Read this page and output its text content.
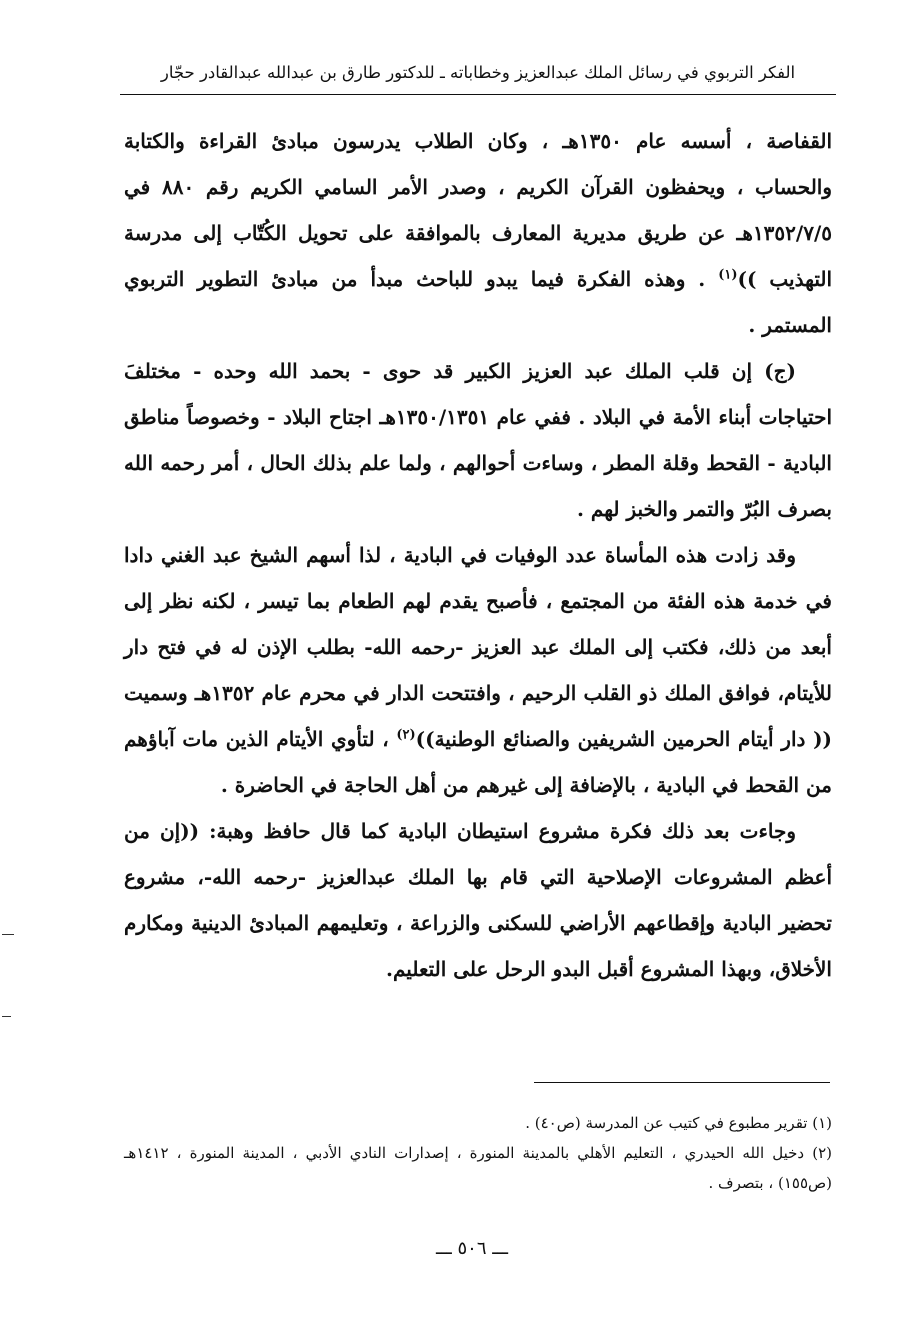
الفكر التربوي في رسائل الملك عبدالعزيز وخطاباته ـ للدكتور طارق بن عبدالله عبدالقادر حجّار

القفاصة ، أسسه عام ١٣٥٠هـ ، وكان الطلاب يدرسون مبادئ القراءة والكتابة والحساب ، ويحفظون القرآن الكريم ، وصدر الأمر السامي الكريم رقم ٨٨٠ في ١٣٥٢/٧/٥هـ عن طريق مديرية المعارف بالموافقة على تحويل الكُتّاب إلى مدرسة التهذيب ))$^{(١)}$ . وهذه الفكرة فيما يبدو للباحث مبدأ من مبادئ التطوير التربوي المستمر .

(ج) إن قلب الملك عبد العزيز الكبير قد حوى - بحمد الله وحده - مختلفَ احتياجات أبناء الأمة في البلاد . ففي عام ١٣٥٠/١٣٥١هـ اجتاح البلاد - وخصوصاً مناطق البادية - القحط وقلة المطر ، وساءت أحوالهم ، ولما علم بذلك الحال ، أمر رحمه الله بصرف البُرّ والتمر والخبز لهم .

وقد زادت هذه المأساة عدد الوفيات في البادية ، لذا أسهم الشيخ عبد الغني دادا في خدمة هذه الفئة من المجتمع ، فأصبح يقدم لهم الطعام بما تيسر ، لكنه نظر إلى أبعد من ذلك، فكتب إلى الملك عبد العزيز -رحمه الله- بطلب الإذن له في فتح دار للأيتام، فوافق الملك ذو القلب الرحيم ، وافتتحت الدار في محرم عام ١٣٥٢هـ وسميت (( دار أيتام الحرمين الشريفين والصنائع الوطنية))$^{(٢)}$ ، لتأوي الأيتام الذين مات آباؤهم من القحط في البادية ، بالإضافة إلى غيرهم من أهل الحاجة في الحاضرة .

وجاءت بعد ذلك فكرة مشروع استيطان البادية كما قال حافظ وهبة: ((إن من أعظم المشروعات الإصلاحية التي قام بها الملك عبدالعزيز -رحمه الله-، مشروع تحضير البادية وإقطاعهم الأراضي للسكنى والزراعة ، وتعليمهم المبادئ الدينية ومكارم الأخلاق، وبهذا المشروع أقبل البدو الرحل على التعليم.

(١) تقرير مطبوع في كتيب عن المدرسة (ص٤٠) .

(٢) دخيل الله الحيدري ، التعليم الأهلي بالمدينة المنورة ، إصدارات النادي الأدبي ، المدينة المنورة ، ١٤١٢هـ (ص١٥٥) ، بتصرف .

ـــ ٥٠٦ ـــ
